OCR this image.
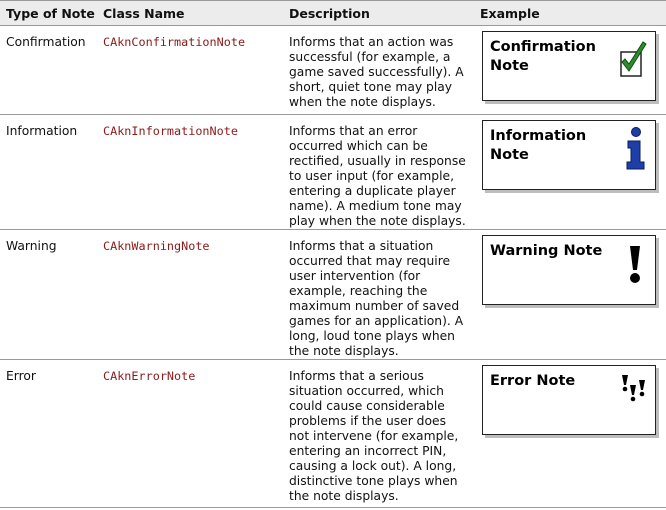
Type of Note	Class Name	Description	Example
Confirmation	CAknConfirmationNote	Informs that an action was successful (for example, a game saved successfully). A short, quiet tone may play when the note displays.	Confirmation Note

Information	CAknInformationNote	Informs that an error occurred which can be rectified, usually in response to user input (for example, entering a duplicate player name). A medium tone may play when the note displays.	Information Note

Warning	CAknWarningNote	Informs that a situation occurred that may require user intervention (for example, reaching the maximum number of saved games for an application). A long, loud tone plays when the note displays.	Warning Note

Error	CAknErrorNote	Informs that a serious situation occurred, which could cause considerable problems if the user does not intervene (for example, entering an incorrect PIN, causing a lock out). A long, distinctive tone plays when the note displays.	Error Note
